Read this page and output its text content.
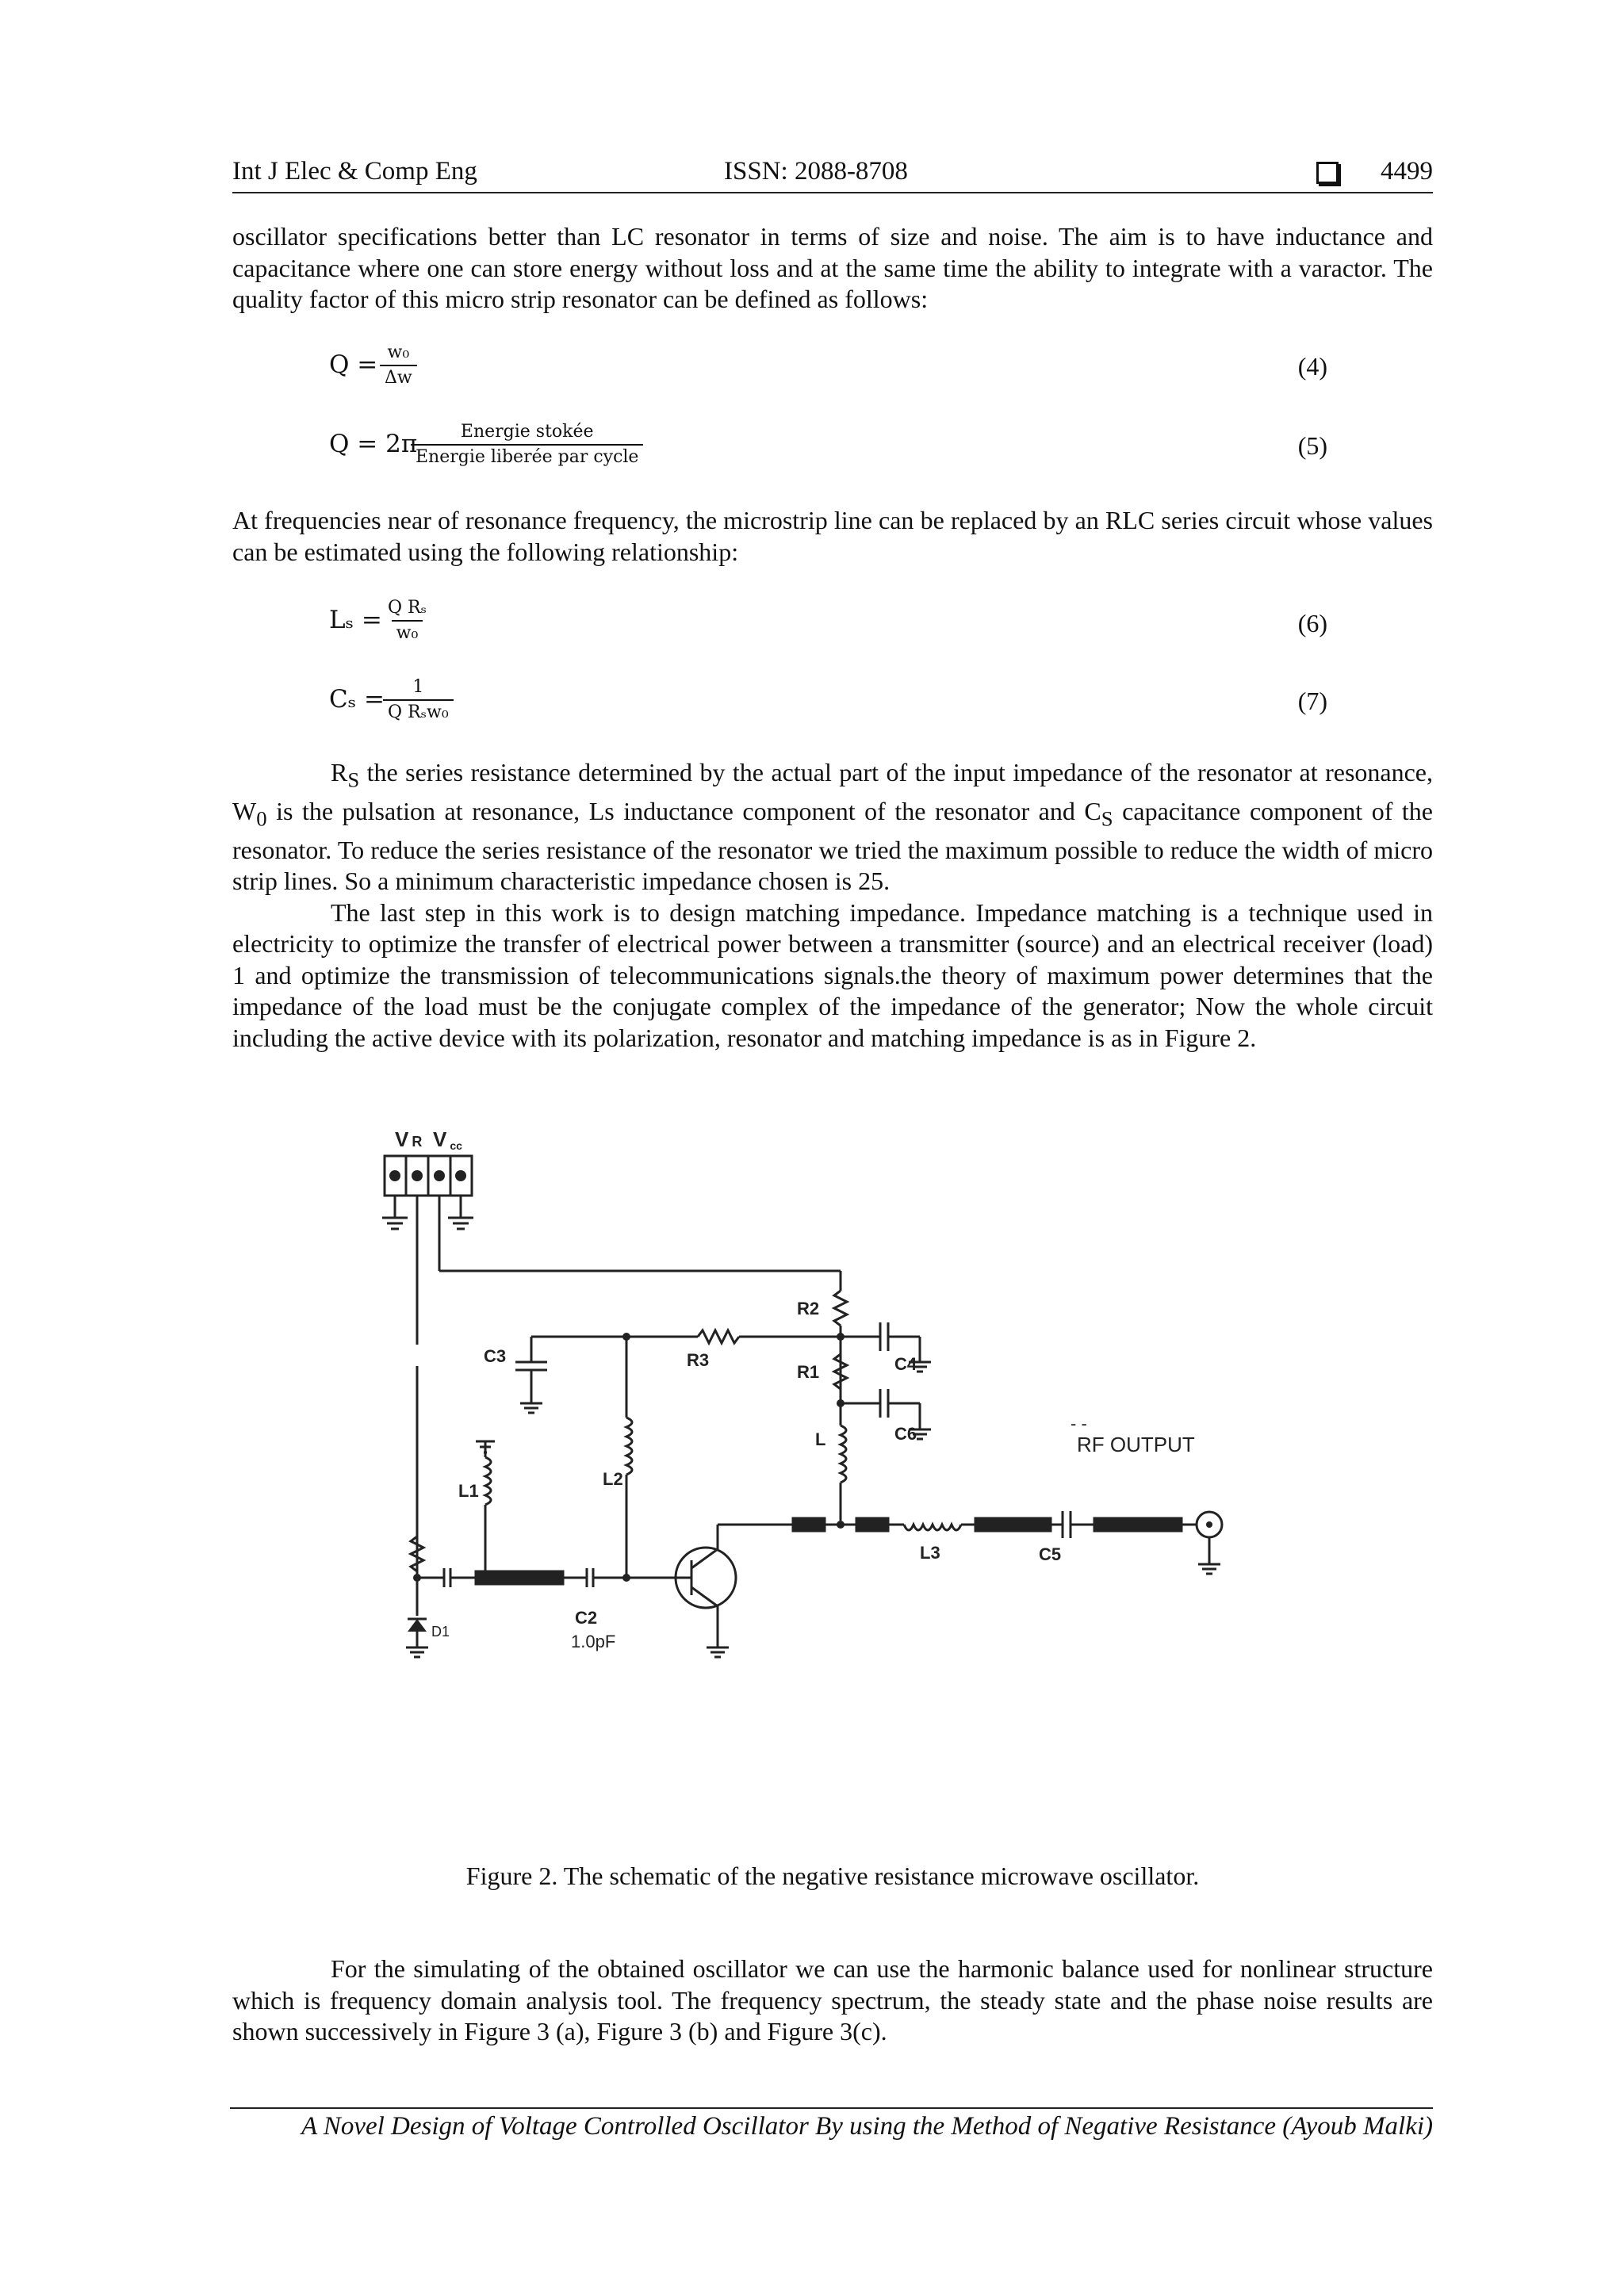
Int J Elec & Comp Eng	ISSN: 2088-8708	4499

oscillator specifications better than LC resonator in terms of size and noise. The aim is to have inductance and capacitance where one can store energy without loss and at the same time the ability to integrate with a varactor. The quality factor of this micro strip resonator can be defined as follows:

$Q = \frac{\text{w₀}}{\Delta w}$	(4)
Q = 2π Energie stokée
Energie liberée par cycle	(5)

At frequencies near of resonance frequency, the microstrip line can be replaced by an RLC series circuit whose values can be estimated using the following relationship:

$L_s = \frac{\text{Q Rₛ}}{\text{w₀}}$	(6)
Cₛ = 1
Q Rₛw₀	(7)

$R_S$ the series resistance determined by the actual part of the input impedance of the resonator at resonance, $W_0$ is the pulsation at resonance, Ls inductance component of the resonator and $C_S$ capacitance component of the resonator. To reduce the series resistance of the resonator we tried the maximum possible to reduce the width of micro strip lines. So a minimum characteristic impedance chosen is 25.

The last step in this work is to design matching impedance. Impedance matching is a technique used in electricity to optimize the transfer of electrical power between a transmitter (source) and an electrical receiver (load) 1 and optimize the transmission of telecommunications signals.the theory of maximum power determines that the impedance of the load must be the conjugate complex of the impedance of the generator; Now the whole circuit including the active device with its polarization, resonator and matching impedance is as in Figure 2.

V R Vcc
R1
R2
R3
C3	C4
C6
L
L1
L2
L3
C2
C5
RF OUTPUT
- -
1.0pF
D1
Figure 2. The schematic of the negative resistance microwave oscillator.

For the simulating of the obtained oscillator we can use the harmonic balance used for nonlinear structure which is frequency domain analysis tool. The frequency spectrum, the steady state and the phase noise results are shown successively in Figure 3 (a), Figure 3 (b) and Figure 3(c).

A Novel Design of Voltage Controlled Oscillator By using the Method of Negative Resistance (Ayoub Malki)
